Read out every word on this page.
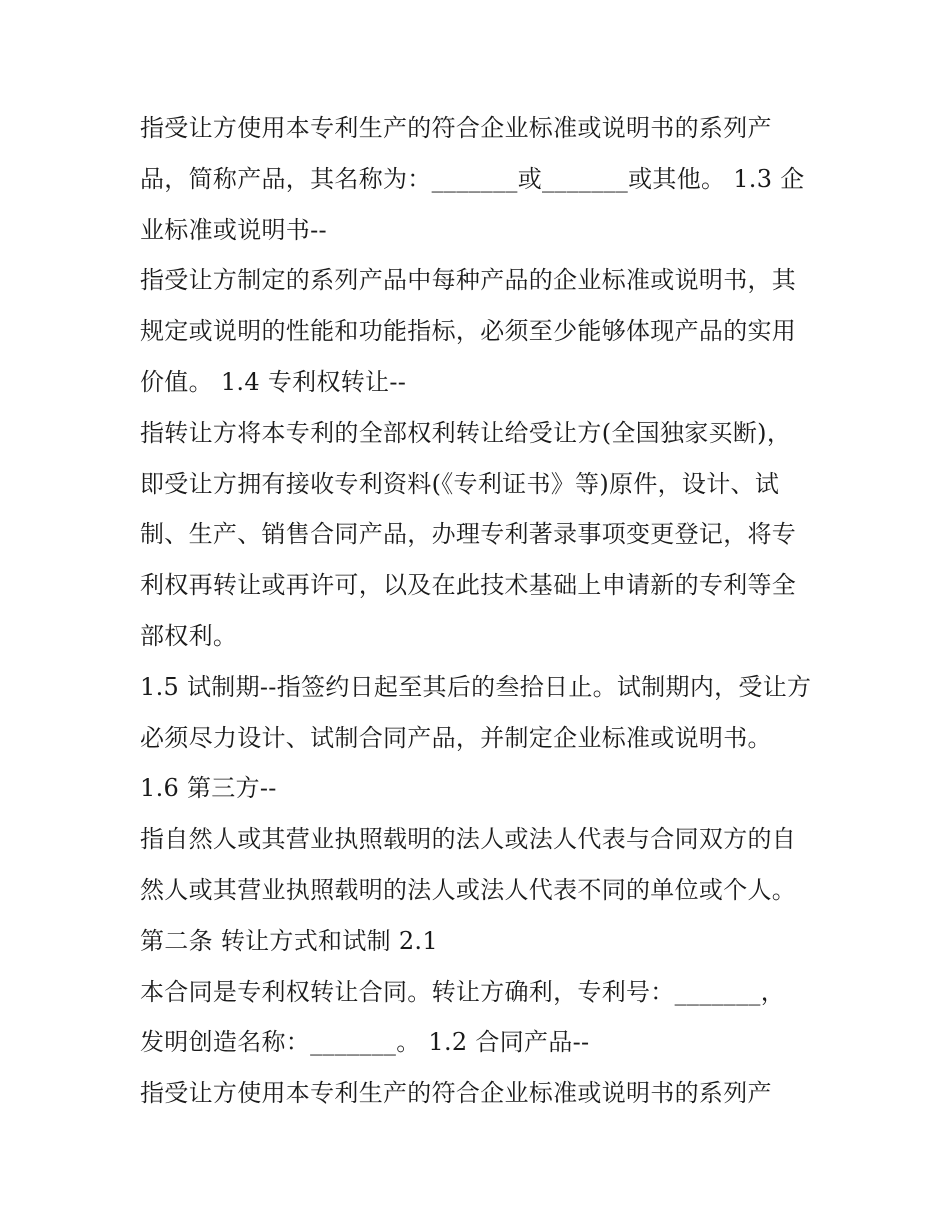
指受让方使用本专利生产的符合企业标准或说明书的系列产
品，简称产品，其名称为：_______或_______或其他。 1.3 企
业标准或说明书--
指受让方制定的系列产品中每种产品的企业标准或说明书，其
规定或说明的性能和功能指标，必须至少能够体现产品的实用
价值。 1.4 专利权转让--
指转让方将本专利的全部权利转让给受让方(全国独家买断)，
即受让方拥有接收专利资料(《专利证书》等)原件，设计、试
制、生产、销售合同产品，办理专利著录事项变更登记，将专
利权再转让或再许可，以及在此技术基础上申请新的专利等全
部权利。
1.5 试制期--指签约日起至其后的叁拾日止。试制期内，受让方
必须尽力设计、试制合同产品，并制定企业标准或说明书。
1.6 第三方--
指自然人或其营业执照载明的法人或法人代表与合同双方的自
然人或其营业执照载明的法人或法人代表不同的单位或个人。
第二条 转让方式和试制 2.1
本合同是专利权转让合同。转让方确利，专利号：_______，
发明创造名称：_______。 1.2 合同产品--
指受让方使用本专利生产的符合企业标准或说明书的系列产
